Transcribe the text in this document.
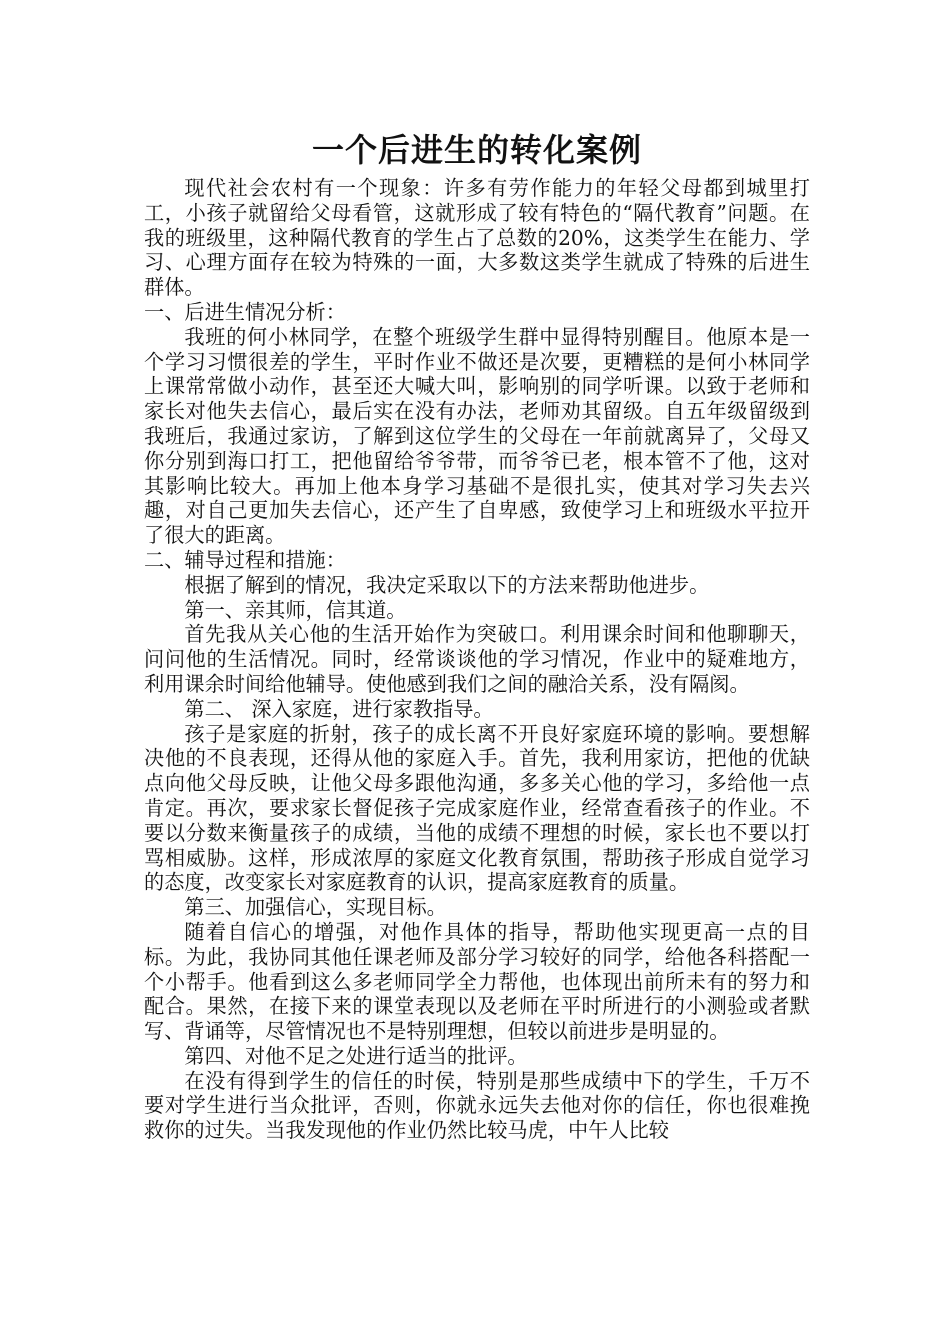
一个后进生的转化案例

现代社会农村有一个现象：许多有劳作能力的年轻父母都到城里打工，小孩子就留给父母看管，这就形成了较有特色的“隔代教育”问题。在我的班级里，这种隔代教育的学生占了总数的20%，这类学生在能力、学习、心理方面存在较为特殊的一面，大多数这类学生就成了特殊的后进生群体。

一、后进生情况分析：

我班的何小林同学，在整个班级学生群中显得特别醒目。他原本是一个学习习惯很差的学生，平时作业不做还是次要，更糟糕的是何小林同学上课常常做小动作，甚至还大喊大叫，影响别的同学听课。以致于老师和家长对他失去信心，最后实在没有办法，老师劝其留级。自五年级留级到我班后，我通过家访，了解到这位学生的父母在一年前就离异了，父母又你分别到海口打工，把他留给爷爷带，而爷爷已老，根本管不了他，这对其影响比较大。再加上他本身学习基础不是很扎实，使其对学习失去兴趣，对自己更加失去信心，还产生了自卑感，致使学习上和班级水平拉开了很大的距离。

二、辅导过程和措施：

根据了解到的情况，我决定采取以下的方法来帮助他进步。

第一、亲其师，信其道。

首先我从关心他的生活开始作为突破口。利用课余时间和他聊聊天，问问他的生活情况。同时，经常谈谈他的学习情况，作业中的疑难地方，利用课余时间给他辅导。使他感到我们之间的融洽关系，没有隔阂。

第二、 深入家庭，进行家教指导。

孩子是家庭的折射，孩子的成长离不开良好家庭环境的影响。要想解决他的不良表现，还得从他的家庭入手。首先，我利用家访，把他的优缺点向他父母反映，让他父母多跟他沟通，多多关心他的学习，多给他一点肯定。再次，要求家长督促孩子完成家庭作业，经常查看孩子的作业。不要以分数来衡量孩子的成绩，当他的成绩不理想的时候，家长也不要以打骂相威胁。这样，形成浓厚的家庭文化教育氛围，帮助孩子形成自觉学习的态度，改变家长对家庭教育的认识，提高家庭教育的质量。

第三、加强信心，实现目标。

随着自信心的增强，对他作具体的指导，帮助他实现更高一点的目标。为此，我协同其他任课老师及部分学习较好的同学，给他各科搭配一个小帮手。他看到这么多老师同学全力帮他，也体现出前所未有的努力和配合。果然，在接下来的课堂表现以及老师在平时所进行的小测验或者默写、背诵等，尽管情况也不是特别理想，但较以前进步是明显的。

第四、对他不足之处进行适当的批评。

在没有得到学生的信任的时侯，特别是那些成绩中下的学生，千万不要对学生进行当众批评，否则，你就永远失去他对你的信任，你也很难挽救你的过失。当我发现他的作业仍然比较马虎，中午人比较
